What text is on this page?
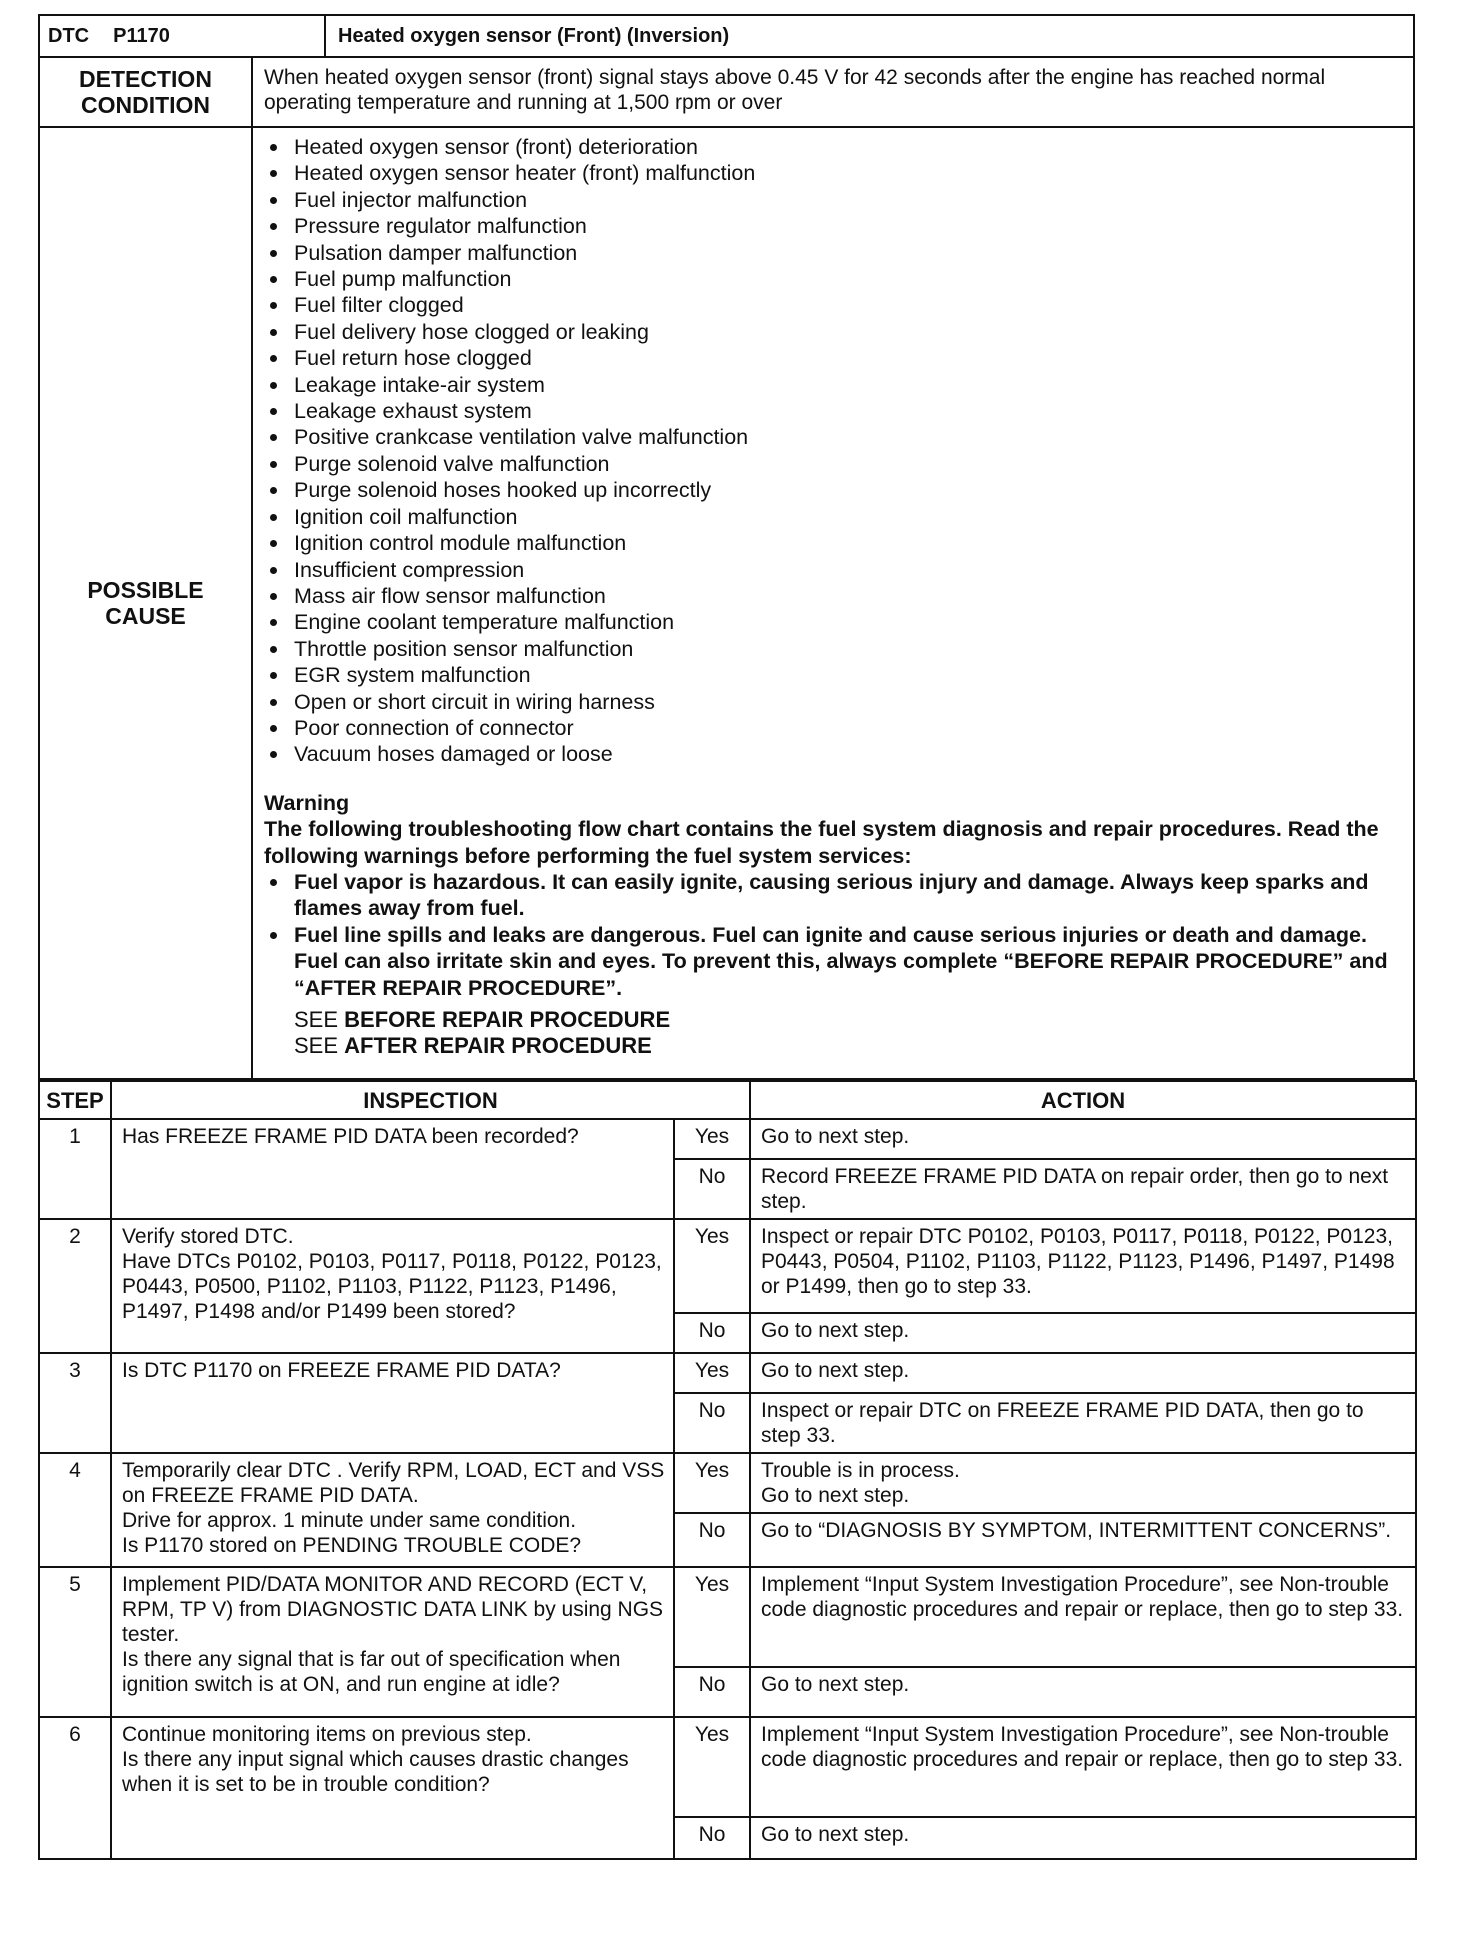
DTC P1170	Heated oxygen sensor (Front) (Inversion)
DETECTION CONDITION
When heated oxygen sensor (front) signal stays above 0.45 V for 42 seconds after the engine has reached normal operating temperature and running at 1,500 rpm or over
POSSIBLE CAUSE
Heated oxygen sensor (front) deterioration
Heated oxygen sensor heater (front) malfunction
Fuel injector malfunction
Pressure regulator malfunction
Pulsation damper malfunction
Fuel pump malfunction
Fuel filter clogged
Fuel delivery hose clogged or leaking
Fuel return hose clogged
Leakage intake-air system
Leakage exhaust system
Positive crankcase ventilation valve malfunction
Purge solenoid valve malfunction
Purge solenoid hoses hooked up incorrectly
Ignition coil malfunction
Ignition control module malfunction
Insufficient compression
Mass air flow sensor malfunction
Engine coolant temperature malfunction
Throttle position sensor malfunction
EGR system malfunction
Open or short circuit in wiring harness
Poor connection of connector
Vacuum hoses damaged or loose
Warning
The following troubleshooting flow chart contains the fuel system diagnosis and repair procedures. Read the following warnings before performing the fuel system services:
Fuel vapor is hazardous. It can easily ignite, causing serious injury and damage. Always keep sparks and flames away from fuel.
Fuel line spills and leaks are dangerous. Fuel can ignite and cause serious injuries or death and damage. Fuel can also irritate skin and eyes. To prevent this, always complete “BEFORE REPAIR PROCEDURE” and “AFTER REPAIR PROCEDURE”.
SEE BEFORE REPAIR PROCEDURE
SEE AFTER REPAIR PROCEDURE
STEP	INSPECTION		ACTION
1	Has FREEZE FRAME PID DATA been recorded?	Yes	Go to next step.
		No	Record FREEZE FRAME PID DATA on repair order, then go to next step.
2	Verify stored DTC.
Have DTCs P0102, P0103, P0117, P0118, P0122, P0123, P0443, P0500, P1102, P1103, P1122, P1123, P1496, P1497, P1498 and/or P1499 been stored?	Yes	Inspect or repair DTC P0102, P0103, P0117, P0118, P0122, P0123, P0443, P0504, P1102, P1103, P1122, P1123, P1496, P1497, P1498 or P1499, then go to step 33.
		No	Go to next step.
3	Is DTC P1170 on FREEZE FRAME PID DATA?	Yes	Go to next step.
		No	Inspect or repair DTC on FREEZE FRAME PID DATA, then go to step 33.
4	Temporarily clear DTC . Verify RPM, LOAD, ECT and VSS on FREEZE FRAME PID DATA.
Drive for approx. 1 minute under same condition.
Is P1170 stored on PENDING TROUBLE CODE?	Yes	Trouble is in process.
Go to next step.
		No	Go to “DIAGNOSIS BY SYMPTOM, INTERMITTENT CONCERNS”.
5	Implement PID/DATA MONITOR AND RECORD (ECT V, RPM, TP V) from DIAGNOSTIC DATA LINK by using NGS tester.
Is there any signal that is far out of specification when ignition switch is at ON, and run engine at idle?	Yes	Implement “Input System Investigation Procedure”, see Non-trouble code diagnostic procedures and repair or replace, then go to step 33.
		No	Go to next step.
6	Continue monitoring items on previous step.
Is there any input signal which causes drastic changes when it is set to be in trouble condition?	Yes	Implement “Input System Investigation Procedure”, see Non-trouble code diagnostic procedures and repair or replace, then go to step 33.
		No	Go to next step.
